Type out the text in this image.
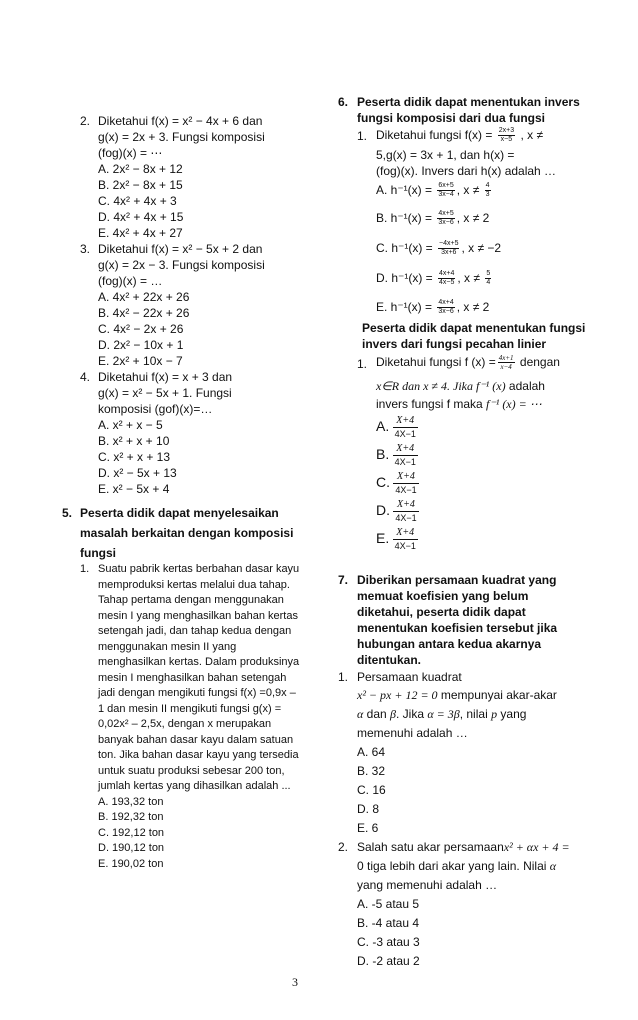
2. Diketahui f(x) = x² − 4x + 6 dan
g(x) = 2x + 3. Fungsi komposisi
(fog)(x) = ⋯
A. 2x² − 8x + 12
B. 2x² − 8x + 15
C. 4x² + 4x + 3
D. 4x² + 4x + 15
E. 4x² + 4x + 27
3. Diketahui f(x) = x² − 5x + 2 dan
g(x) = 2x − 3. Fungsi komposisi
(fog)(x) = …
A. 4x² + 22x + 26
B. 4x² − 22x + 26
C. 4x² − 2x + 26
D. 2x² − 10x + 1
E. 2x² + 10x − 7
4. Diketahui f(x) = x + 3 dan
g(x) = x² − 5x + 1. Fungsi
komposisi (gof)(x)=…
A. x² + x − 5
B. x² + x + 10
C. x² + x + 13
D. x² − 5x + 13
E. x² − 5x + 4
5. Peserta didik dapat menyelesaikan
masalah berkaitan dengan komposisi
fungsi
1. Suatu pabrik kertas berbahan dasar kayu
memproduksi kertas melalui dua tahap.
Tahap pertama dengan menggunakan
mesin I yang menghasilkan bahan kertas
setengah jadi, dan tahap kedua dengan
menggunakan mesin II yang
menghasilkan kertas. Dalam produksinya
mesin I menghasilkan bahan setengah
jadi dengan mengikuti fungsi f(x) =0,9x –
1 dan mesin II mengikuti fungsi g(x) =
0,02x² – 2,5x, dengan x merupakan
banyak bahan dasar kayu dalam satuan
ton. Jika bahan dasar kayu yang tersedia
untuk suatu produksi sebesar 200 ton,
jumlah kertas yang dihasilkan adalah ...
A. 193,32 ton
B. 192,32 ton
C. 192,12 ton
D. 190,12 ton
E. 190,02 ton
6. Peserta didik dapat menentukan invers
fungsi komposisi dari dua fungsi
1. Diketahui fungsi $f(x) = \frac{2x+3}{x-5}$ , x ≠
5,g(x) = 3x + 1, dan h(x) =
(fog)(x). Invers dari h(x) adalah …
A. $h^{-1}(x) = \frac{6x+5}{3x-4}$ , $x \ne \frac{4}{3}$
B. $h^{-1}(x) = \frac{4x+5}{3x-6}$ , x ≠ 2
C. $h^{-1}(x) = \frac{-4x+5}{3x+6}$ , x ≠ −2
D. $h^{-1}(x) = \frac{4x+4}{4x-5}$ , $x \ne \frac{5}{4}$
E. $h^{-1}(x) = \frac{4x+4}{3x-6}$ , x ≠ 2
Peserta didik dapat menentukan fungsi
invers dari fungsi pecahan linier
1. Diketahui fungsi f $(x) = \frac{4x+1}{x-4}$ dengan
x∈R dan x ≠ 4. Jika f⁻¹ (x) adalah
invers fungsi f maka f⁻¹ (x) = ⋯
A. $\frac{X+4}{4X-1}$
B. $\frac{X+4}{4X-1}$
C. $\frac{X+4}{4X-1}$
D. $\frac{X+4}{4X-1}$
E. $\frac{X+4}{4X-1}$
7. Diberikan persamaan kuadrat yang
memuat koefisien yang belum
diketahui, peserta didik dapat
menentukan koefisien tersebut jika
hubungan antara kedua akarnya
ditentukan.
1. Persamaan kuadrat
x² − px + 12 = 0 mempunyai akar-akar
α dan β. Jika α = 3β, nilai p yang
memenuhi adalah …
A. 64
B. 32
C. 16
D. 8
E. 6
2. Salah satu akar persamaanx² + αx + 4 =
0 tiga lebih dari akar yang lain. Nilai α
yang memenuhi adalah …
A. -5 atau 5
B. -4 atau 4
C. -3 atau 3
D. -2 atau 2
3
